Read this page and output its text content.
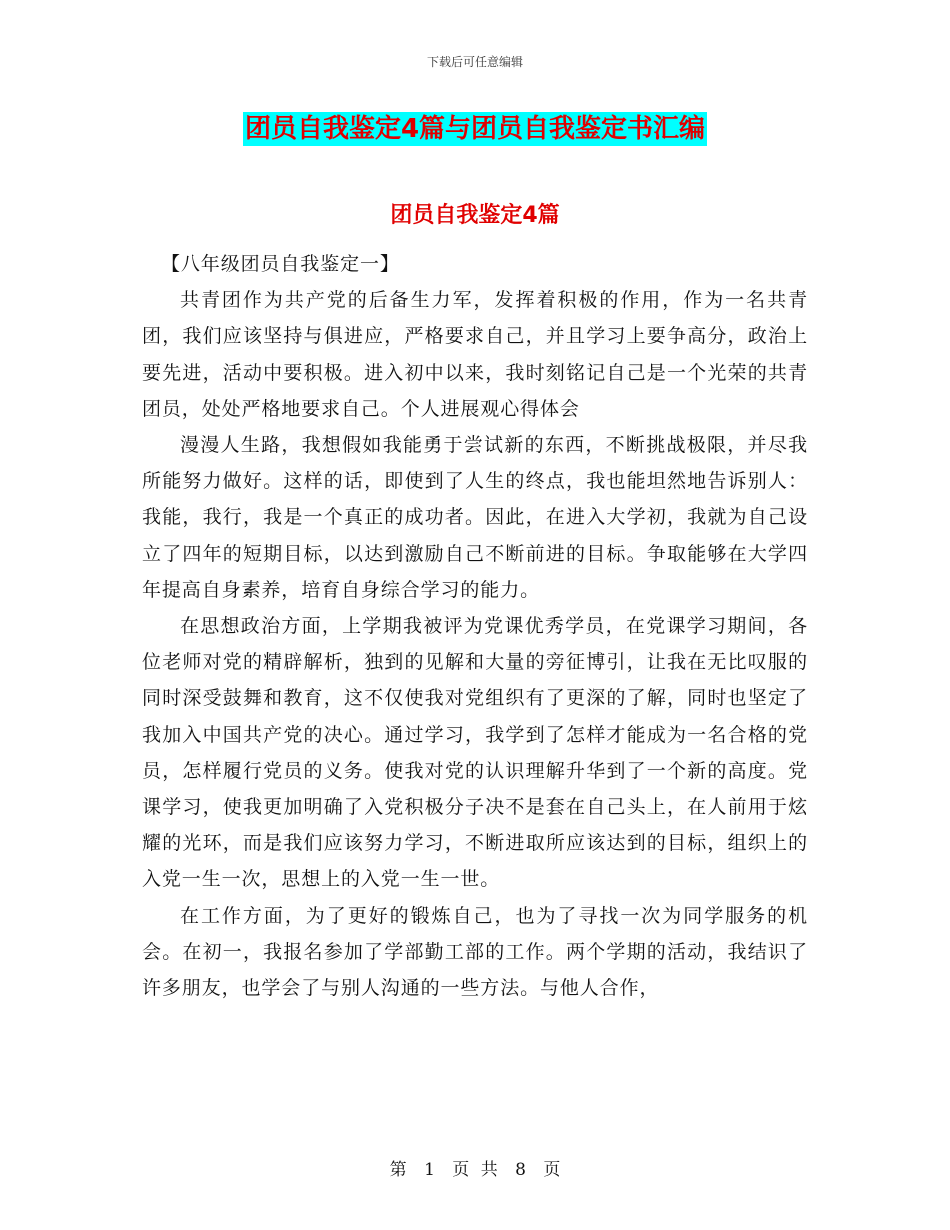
下载后可任意编辑
团员自我鉴定4篇与团员自我鉴定书汇编
团员自我鉴定4篇

【八年级团员自我鉴定一】

共青团作为共产党的后备生力军，发挥着积极的作用，作为一名共青团，我们应该坚持与俱进应，严格要求自己，并且学习上要争高分，政治上要先进，活动中要积极。进入初中以来，我时刻铭记自己是一个光荣的共青团员，处处严格地要求自己。个人进展观心得体会

漫漫人生路，我想假如我能勇于尝试新的东西，不断挑战极限，并尽我所能努力做好。这样的话，即使到了人生的终点，我也能坦然地告诉别人：我能，我行，我是一个真正的成功者。因此，在进入大学初，我就为自己设立了四年的短期目标，以达到激励自己不断前进的目标。争取能够在大学四年提高自身素养，培育自身综合学习的能力。

在思想政治方面，上学期我被评为党课优秀学员，在党课学习期间，各位老师对党的精辟解析，独到的见解和大量的旁征博引，让我在无比叹服的同时深受鼓舞和教育，这不仅使我对党组织有了更深的了解，同时也坚定了我加入中国共产党的决心。通过学习，我学到了怎样才能成为一名合格的党员，怎样履行党员的义务。使我对党的认识理解升华到了一个新的高度。党课学习，使我更加明确了入党积极分子决不是套在自己头上，在人前用于炫耀的光环，而是我们应该努力学习，不断进取所应该达到的目标，组织上的入党一生一次，思想上的入党一生一世。

在工作方面，为了更好的锻炼自己，也为了寻找一次为同学服务的机会。在初一，我报名参加了学部勤工部的工作。两个学期的活动，我结识了许多朋友，也学会了与别人沟通的一些方法。与他人合作，

第 1 页 共 8 页
